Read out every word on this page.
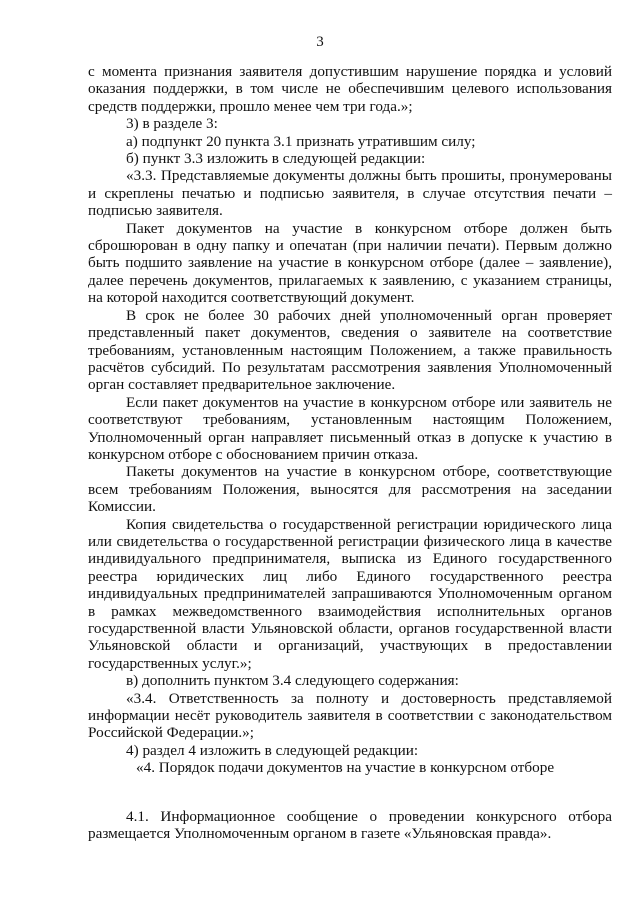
3

с момента признания заявителя допустившим нарушение порядка и условий оказания поддержки, в том числе не обеспечившим целевого использования средств поддержки, прошло менее чем три года.»;

3) в разделе 3:

а) подпункт 20 пункта 3.1 признать утратившим силу;

б) пункт 3.3 изложить в следующей редакции:

«3.3. Представляемые документы должны быть прошиты, пронумерованы и скреплены печатью и подписью заявителя, в случае отсутствия печати – подписью заявителя.

Пакет документов на участие в конкурсном отборе должен быть сброшюрован в одну папку и опечатан (при наличии печати). Первым должно быть подшито заявление на участие в конкурсном отборе (далее – заявление), далее перечень документов, прилагаемых к заявлению, с указанием страницы, на которой находится соответствующий документ.

В срок не более 30 рабочих дней уполномоченный орган проверяет представленный пакет документов, сведения о заявителе на соответствие требованиям, установленным настоящим Положением, а также правильность расчётов субсидий. По результатам рассмотрения заявления Уполномоченный орган составляет предварительное заключение.

Если пакет документов на участие в конкурсном отборе или заявитель не соответствуют требованиям, установленным настоящим Положением, Уполномоченный орган направляет письменный отказ в допуске к участию в конкурсном отборе с обоснованием причин отказа.

Пакеты документов на участие в конкурсном отборе, соответствующие всем требованиям Положения, выносятся для рассмотрения на заседании Комиссии.

Копия свидетельства о государственной регистрации юридического лица или свидетельства о государственной регистрации физического лица в качестве индивидуального предпринимателя, выписка из Единого государственного реестра юридических лиц либо Единого государственного реестра индивидуальных предпринимателей запрашиваются Уполномоченным органом в рамках межведомственного взаимодействия исполнительных органов государственной власти Ульяновской области, органов государственной власти Ульяновской области и организаций, участвующих в предоставлении государственных услуг.»;

в) дополнить пунктом 3.4 следующего содержания:

«3.4. Ответственность за полноту и достоверность представляемой информации несёт руководитель заявителя в соответствии с законодательством Российской Федерации.»;

4) раздел 4 изложить в следующей редакции:

«4. Порядок подачи документов на участие в конкурсном отборе

4.1. Информационное сообщение о проведении конкурсного отбора размещается Уполномоченным органом в газете «Ульяновская правда».
